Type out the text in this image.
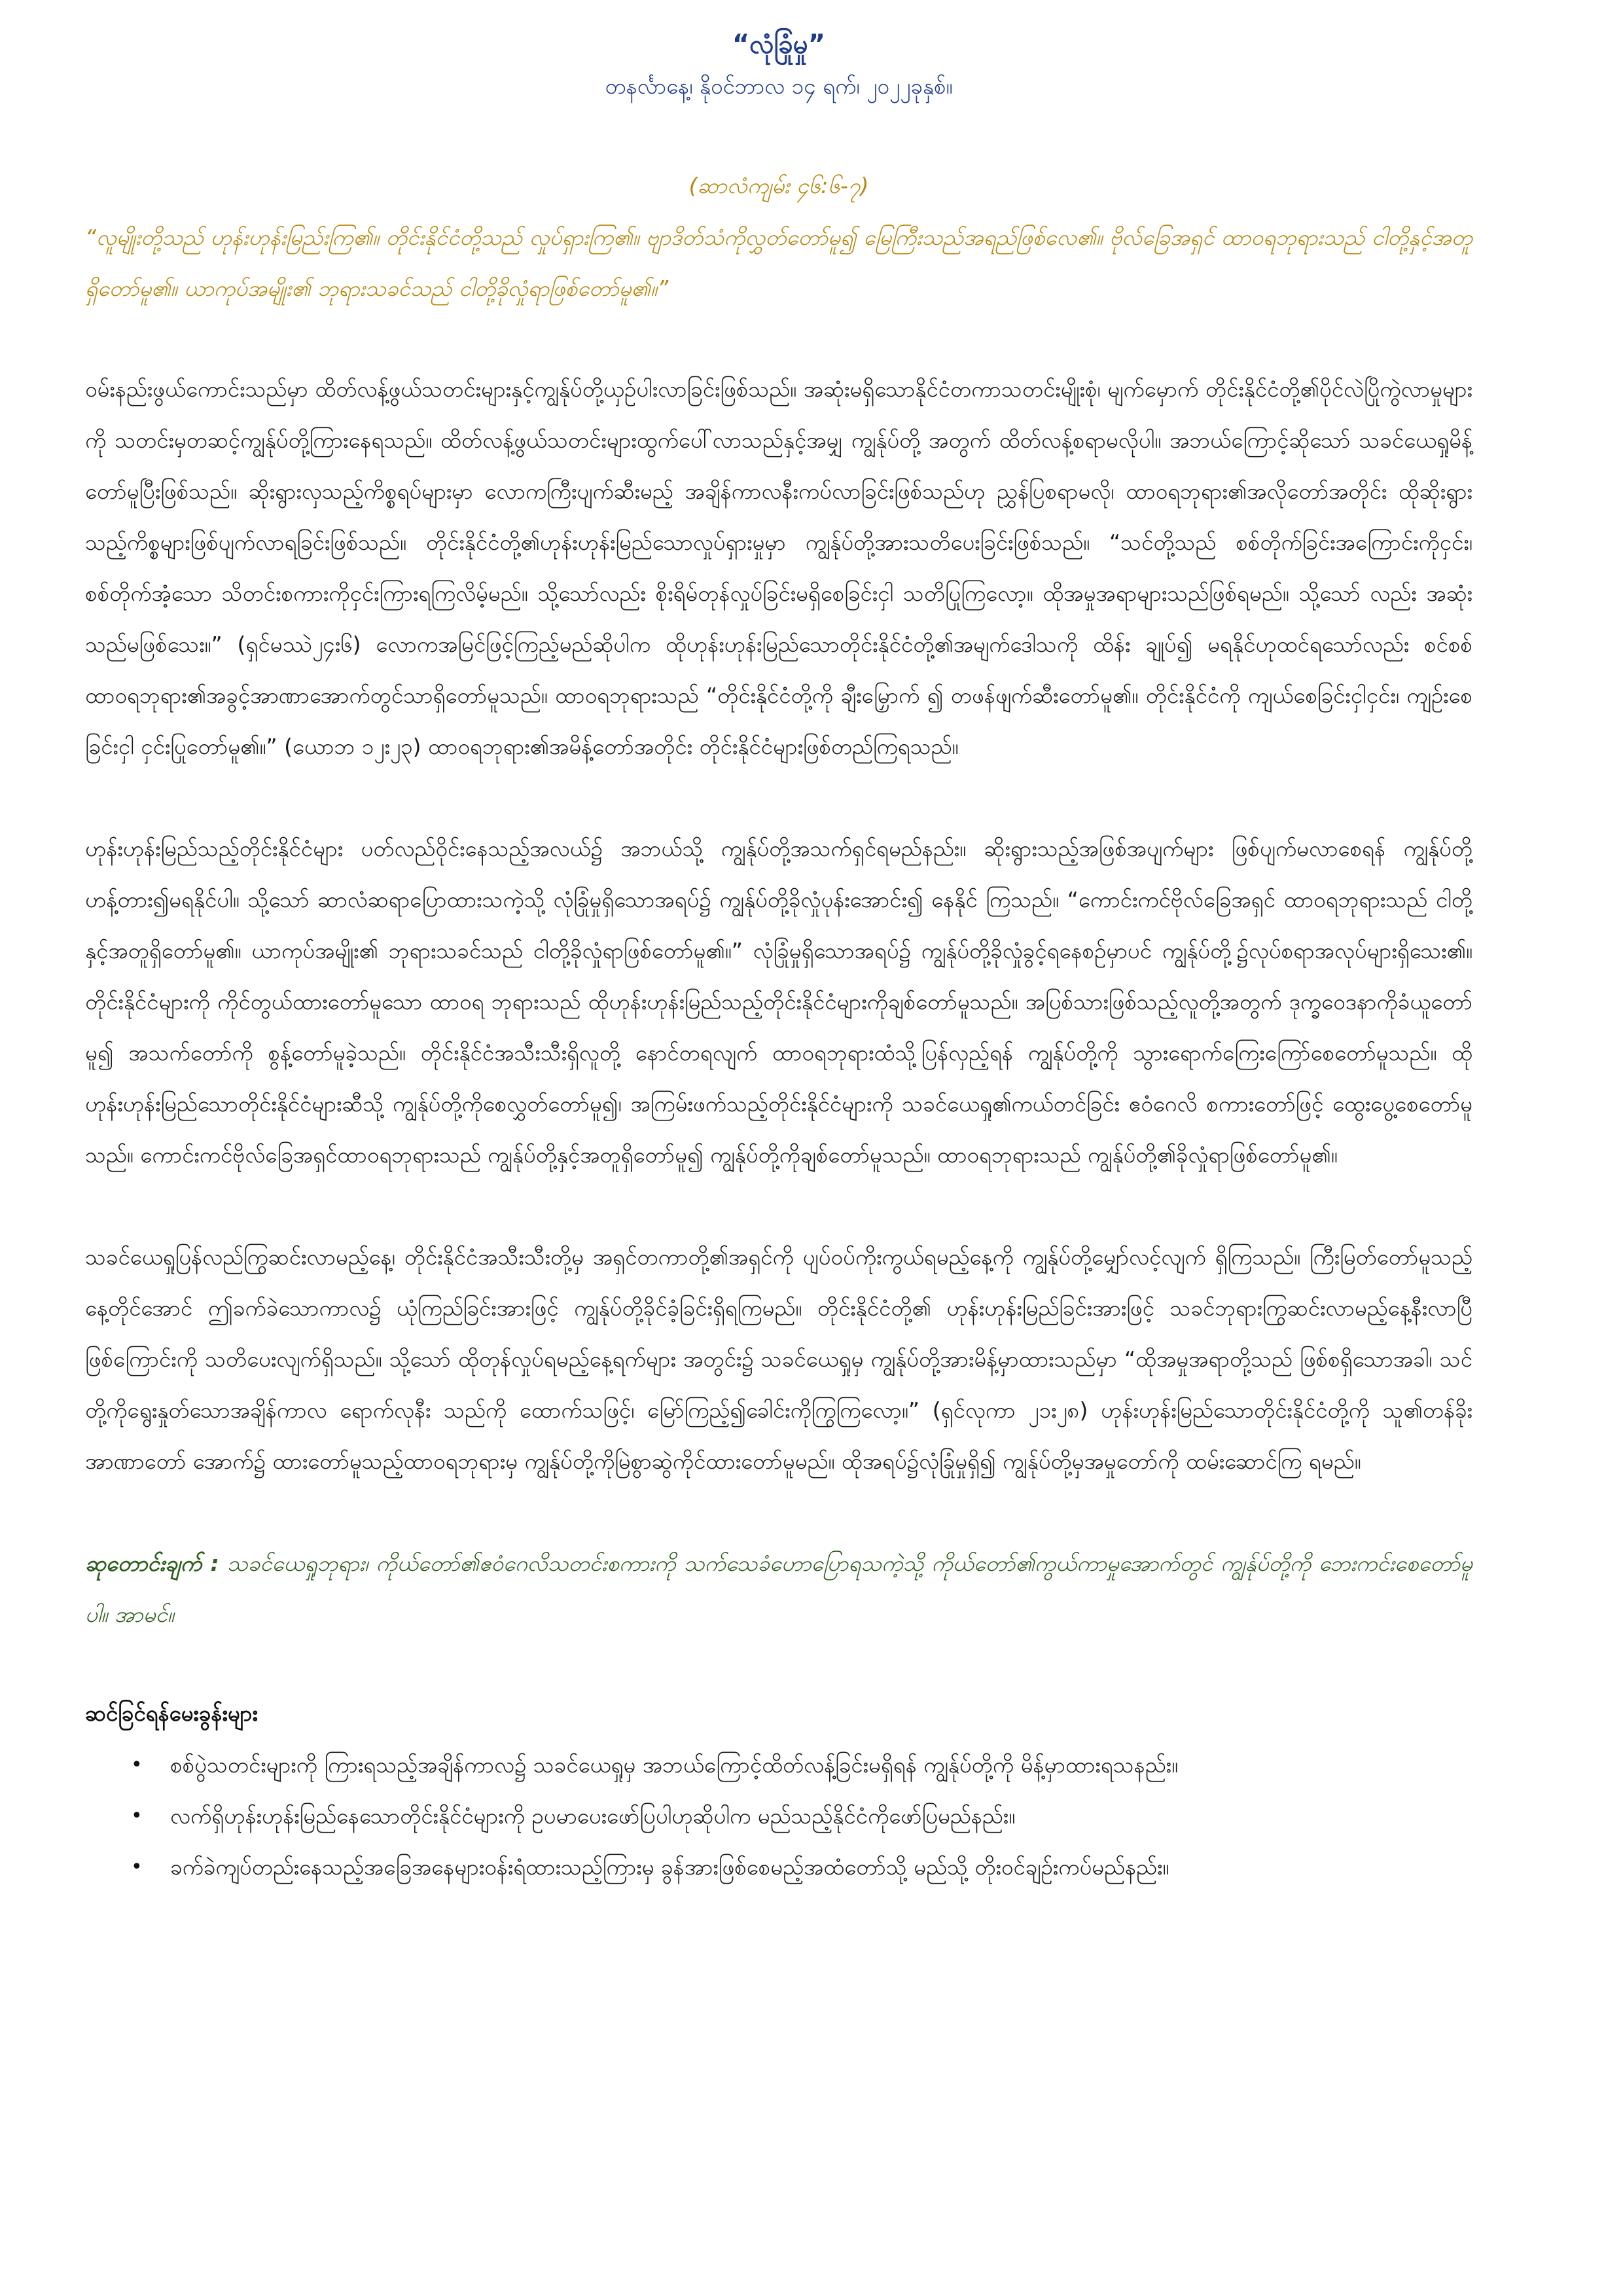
“လုံခြုံမှု”
တနင်္လာနေ့၊ နိုဝင်ဘာလ ၁၄ ရက်၊ ၂၀၂၂ခုနှစ်။
(ဆာလံကျမ်း ၄၆:၆-၇)

“လူမျိုးတို့သည် ဟုန်းဟုန်းမြည်းကြ၏။ တိုင်းနိုင်ငံတို့သည် လှုပ်ရှားကြ၏။ ဗျာဒိတ်သံကိုလွှတ်တော်မူ၍ မြေကြီးသည်အရည်ဖြစ်လေ၏။ ဗိုလ်ခြေအရှင် ထာဝရဘုရားသည် ငါတို့နှင့်အတူရှိတော်မူ၏။ ယာကုပ်အမျိုး၏ ဘုရားသခင်သည် ငါတို့ခိုလှုံရာဖြစ်တော်မူ၏။”

ဝမ်းနည်းဖွယ်ကောင်းသည်မှာ ထိတ်လန့်ဖွယ်သတင်းများနှင့်ကျွန်ုပ်တို့ယှဉ်ပါးလာခြင်းဖြစ်သည်။ အဆုံးမရှိသောနိုင်ငံတကာသတင်းမျိုးစုံ၊ မျက်မှောက် တိုင်းနိုင်ငံတို့၏ပိုင်လဲပြိုကွဲလာမှုများကို သတင်းမှတဆင့်ကျွန်ုပ်တို့ကြားနေရသည်။ ထိတ်လန့်ဖွယ်သတင်းများထွက်ပေါ်လာသည်နှင့်အမျှ ကျွန်ုပ်တို့ အတွက် ထိတ်လန့်စရာမလိုပါ။ အဘယ်ကြောင့်ဆိုသော် သခင်ယေရှုမိန့်တော်မူပြီးဖြစ်သည်။ ဆိုးရွားလှသည့်ကိစ္စရပ်များမှာ လောကကြီးပျက်ဆီးမည့် အချိန်ကာလနီးကပ်လာခြင်းဖြစ်သည်ဟု ညွှန်ပြစရာမလို၊ ထာဝရဘုရား၏အလိုတော်အတိုင်း ထိုဆိုးရွားသည့်ကိစ္စများဖြစ်ပျက်လာရခြင်းဖြစ်သည်။ တိုင်းနိုင်ငံတို့၏ဟုန်းဟုန်းမြည်သောလှုပ်ရှားမှုမှာ ကျွန်ုပ်တို့အားသတိပေးခြင်းဖြစ်သည်။ “သင်တို့သည် စစ်တိုက်ခြင်းအကြောင်းကိုငှင်း၊ စစ်တိုက်အံ့သော သိတင်းစကားကိုငှင်းကြားရကြလိမ့်မည်။ သို့သော်လည်း စိုးရိမ်တုန်လှုပ်ခြင်းမရှိစေခြင်းငှါ သတိပြုကြလော့။ ထိုအမှုအရာများသည်ဖြစ်ရမည်။ သို့သော် လည်း အဆုံးသည်မဖြစ်သေး။” (ရှင်မဿဲ၂၄း၆) လောကအမြင်ဖြင့်ကြည့်မည်ဆိုပါက ထိုဟုန်းဟုန်းမြည်သောတိုင်းနိုင်ငံတို့၏အမျက်ဒေါသကို ထိန်း ချုပ်၍ မရနိုင်ဟုထင်ရသော်လည်း စင်စစ်ထာဝရဘုရား၏အခွင့်အာဏာအောက်တွင်သာရှိတော်မူသည်။ ထာဝရဘုရားသည် “တိုင်းနိုင်ငံတို့ကို ချီးမြှောက် ၍ တဖန်ဖျက်ဆီးတော်မူ၏။ တိုင်းနိုင်ငံကို ကျယ်စေခြင်းငှါငှင်း၊ ကျဉ်းစေခြင်းငှါ ငှင်းပြုတော်မူ၏။” (ယောဘ ၁၂း၂၃) ထာဝရဘုရား၏အမိန့်တော်အတိုင်း တိုင်းနိုင်ငံများဖြစ်တည်ကြရသည်။

ဟုန်းဟုန်းမြည်သည့်တိုင်းနိုင်ငံများ ပတ်လည်ဝိုင်းနေသည့်အလယ်၌ အဘယ်သို့ ကျွန်ုပ်တို့အသက်ရှင်ရမည်နည်း။ ဆိုးရွားသည့်အဖြစ်အပျက်များ ဖြစ်ပျက်မလာစေရန် ကျွန်ုပ်တို့ဟန့်တား၍မရနိုင်ပါ။ သို့သော် ဆာလံဆရာပြောထားသကဲ့သို့ လုံခြုံမှုရှိသောအရပ်၌ ကျွန်ုပ်တို့ခိုလှုံပုန်းအောင်း၍ နေနိုင် ကြသည်။ “ကောင်းကင်ဗိုလ်ခြေအရှင် ထာဝရဘုရားသည် ငါတို့နှင့်အတူရှိတော်မူ၏။ ယာကုပ်အမျိုး၏ ဘုရားသခင်သည် ငါတို့ခိုလှုံရာဖြစ်တော်မူ၏။” လုံခြုံမှုရှိသောအရပ်၌ ကျွန်ုပ်တို့ခိုလှုံခွင့်ရနေစဉ်မှာပင် ကျွန်ုပ်တို့၌လုပ်စရာအလုပ်များရှိသေး၏။ တိုင်းနိုင်ငံများကို ကိုင်တွယ်ထားတော်မူသော ထာဝရ ဘုရားသည် ထိုဟုန်းဟုန်းမြည်သည့်တိုင်းနိုင်ငံများကိုချစ်တော်မူသည်။ အပြစ်သားဖြစ်သည့်လူတို့အတွက် ဒုက္ခဝေဒနာကိုခံယူတော်မူ၍ အသက်တော်ကို စွန့်တော်မူခဲ့သည်။ တိုင်းနိုင်ငံအသီးသီးရှိလူတို့ နောင်တရလျက် ထာဝရဘုရားထံသို့ပြန်လှည့်ရန် ကျွန်ုပ်တို့ကို သွားရောက်ကြေးကြော်စေတော်မူသည်။ ထိုဟုန်းဟုန်းမြည်သောတိုင်းနိုင်ငံများဆီသို့ ကျွန်ုပ်တို့ကိုစေလွှတ်တော်မူ၍၊ အကြမ်းဖက်သည့်တိုင်းနိုင်ငံများကို သခင်ယေရှု၏ကယ်တင်ခြင်း ဧဝံဂေလိ စကားတော်ဖြင့် ထွေးပွေ့စေတော်မူသည်။ ကောင်းကင်ဗိုလ်ခြေအရှင်ထာဝရဘုရားသည် ကျွန်ုပ်တို့နှင့်အတူရှိတော်မူ၍ ကျွန်ုပ်တို့ကိုချစ်တော်မူသည်။ ထာဝရဘုရားသည် ကျွန်ုပ်တို့၏ခိုလှုံရာဖြစ်တော်မူ၏။

သခင်ယေရှုပြန်လည်ကြွဆင်းလာမည့်နေ့၊ တိုင်းနိုင်ငံအသီးသီးတို့မှ အရှင်တကာတို့၏အရှင်ကို ပျပ်ဝပ်ကိုးကွယ်ရမည့်နေ့ကို ကျွန်ုပ်တို့မျှော်လင့်လျက် ရှိကြသည်။ ကြီးမြတ်တော်မူသည့်နေ့တိုင်အောင် ဤခက်ခဲသောကာလ၌ ယုံကြည်ခြင်းအားဖြင့် ကျွန်ုပ်တို့ခိုင်ခံ့ခြင်းရှိရကြမည်။ တိုင်းနိုင်ငံတို့၏ ဟုန်းဟုန်းမြည်ခြင်းအားဖြင့် သခင်ဘုရားကြွဆင်းလာမည့်နေ့နီးလာပြီဖြစ်ကြောင်းကို သတိပေးလျက်ရှိသည်။ သို့သော် ထိုတုန်လှုပ်ရမည့်နေ့ရက်များ အတွင်း၌ သခင်ယေရှုမှ ကျွန်ုပ်တို့အားမိန့်မှာထားသည်မှာ “ထိုအမှုအရာတို့သည် ဖြစ်စရှိသောအခါ၊ သင်တို့ကိုရွေးနှုတ်သောအချိန်ကာလ ရောက်လုနီး သည်ကို ထောက်သဖြင့်၊ မြော်ကြည့်၍ခေါင်းကိုကြွကြလော့။” (ရှင်လုကာ ၂၁း၂၈) ဟုန်းဟုန်းမြည်သောတိုင်းနိုင်ငံတို့ကို သူ၏တန်ခိုးအာဏာတော် အောက်၌ ထားတော်မူသည့်ထာဝရဘုရားမှ ကျွန်ုပ်တို့ကိုမြဲစွာဆွဲကိုင်ထားတော်မူမည်။ ထိုအရပ်၌လုံခြုံမှုရှိ၍ ကျွန်ုပ်တို့မှအမှုတော်ကို ထမ်းဆောင်ကြ ရမည်။

ဆုတောင်းချက် : သခင်ယေရှုဘုရား၊ ကိုယ်တော်၏ဧဝံဂေလိသတင်းစကားကို သက်သေခံဟောပြောရသကဲ့သို့ ကိုယ်တော်၏ကွယ်ကာမှုအောက်တွင် ကျွန်ုပ်တို့ကို ဘေးကင်းစေတော်မူပါ။ အာမင်။

ဆင်ခြင်ရန်မေးခွန်းများ
• စစ်ပွဲသတင်းများကို ကြားရသည့်အချိန်ကာလ၌ သခင်ယေရှုမှ အဘယ်ကြောင့်ထိတ်လန့်ခြင်းမရှိရန် ကျွန်ုပ်တို့ကို မိန့်မှာထားရသနည်း။
• လက်ရှိဟုန်းဟုန်းမြည်နေသောတိုင်းနိုင်ငံများကို ဥပမာပေးဖော်ပြပါဟုဆိုပါက မည်သည့်နိုင်ငံကိုဖော်ပြမည်နည်း။
• ခက်ခဲကျပ်တည်းနေသည့်အခြေအနေများဝန်းရံထားသည့်ကြားမှ ခွန်အားဖြစ်စေမည့်အထံတော်သို့ မည်သို့ တိုးဝင်ချဉ်းကပ်မည်နည်း။
